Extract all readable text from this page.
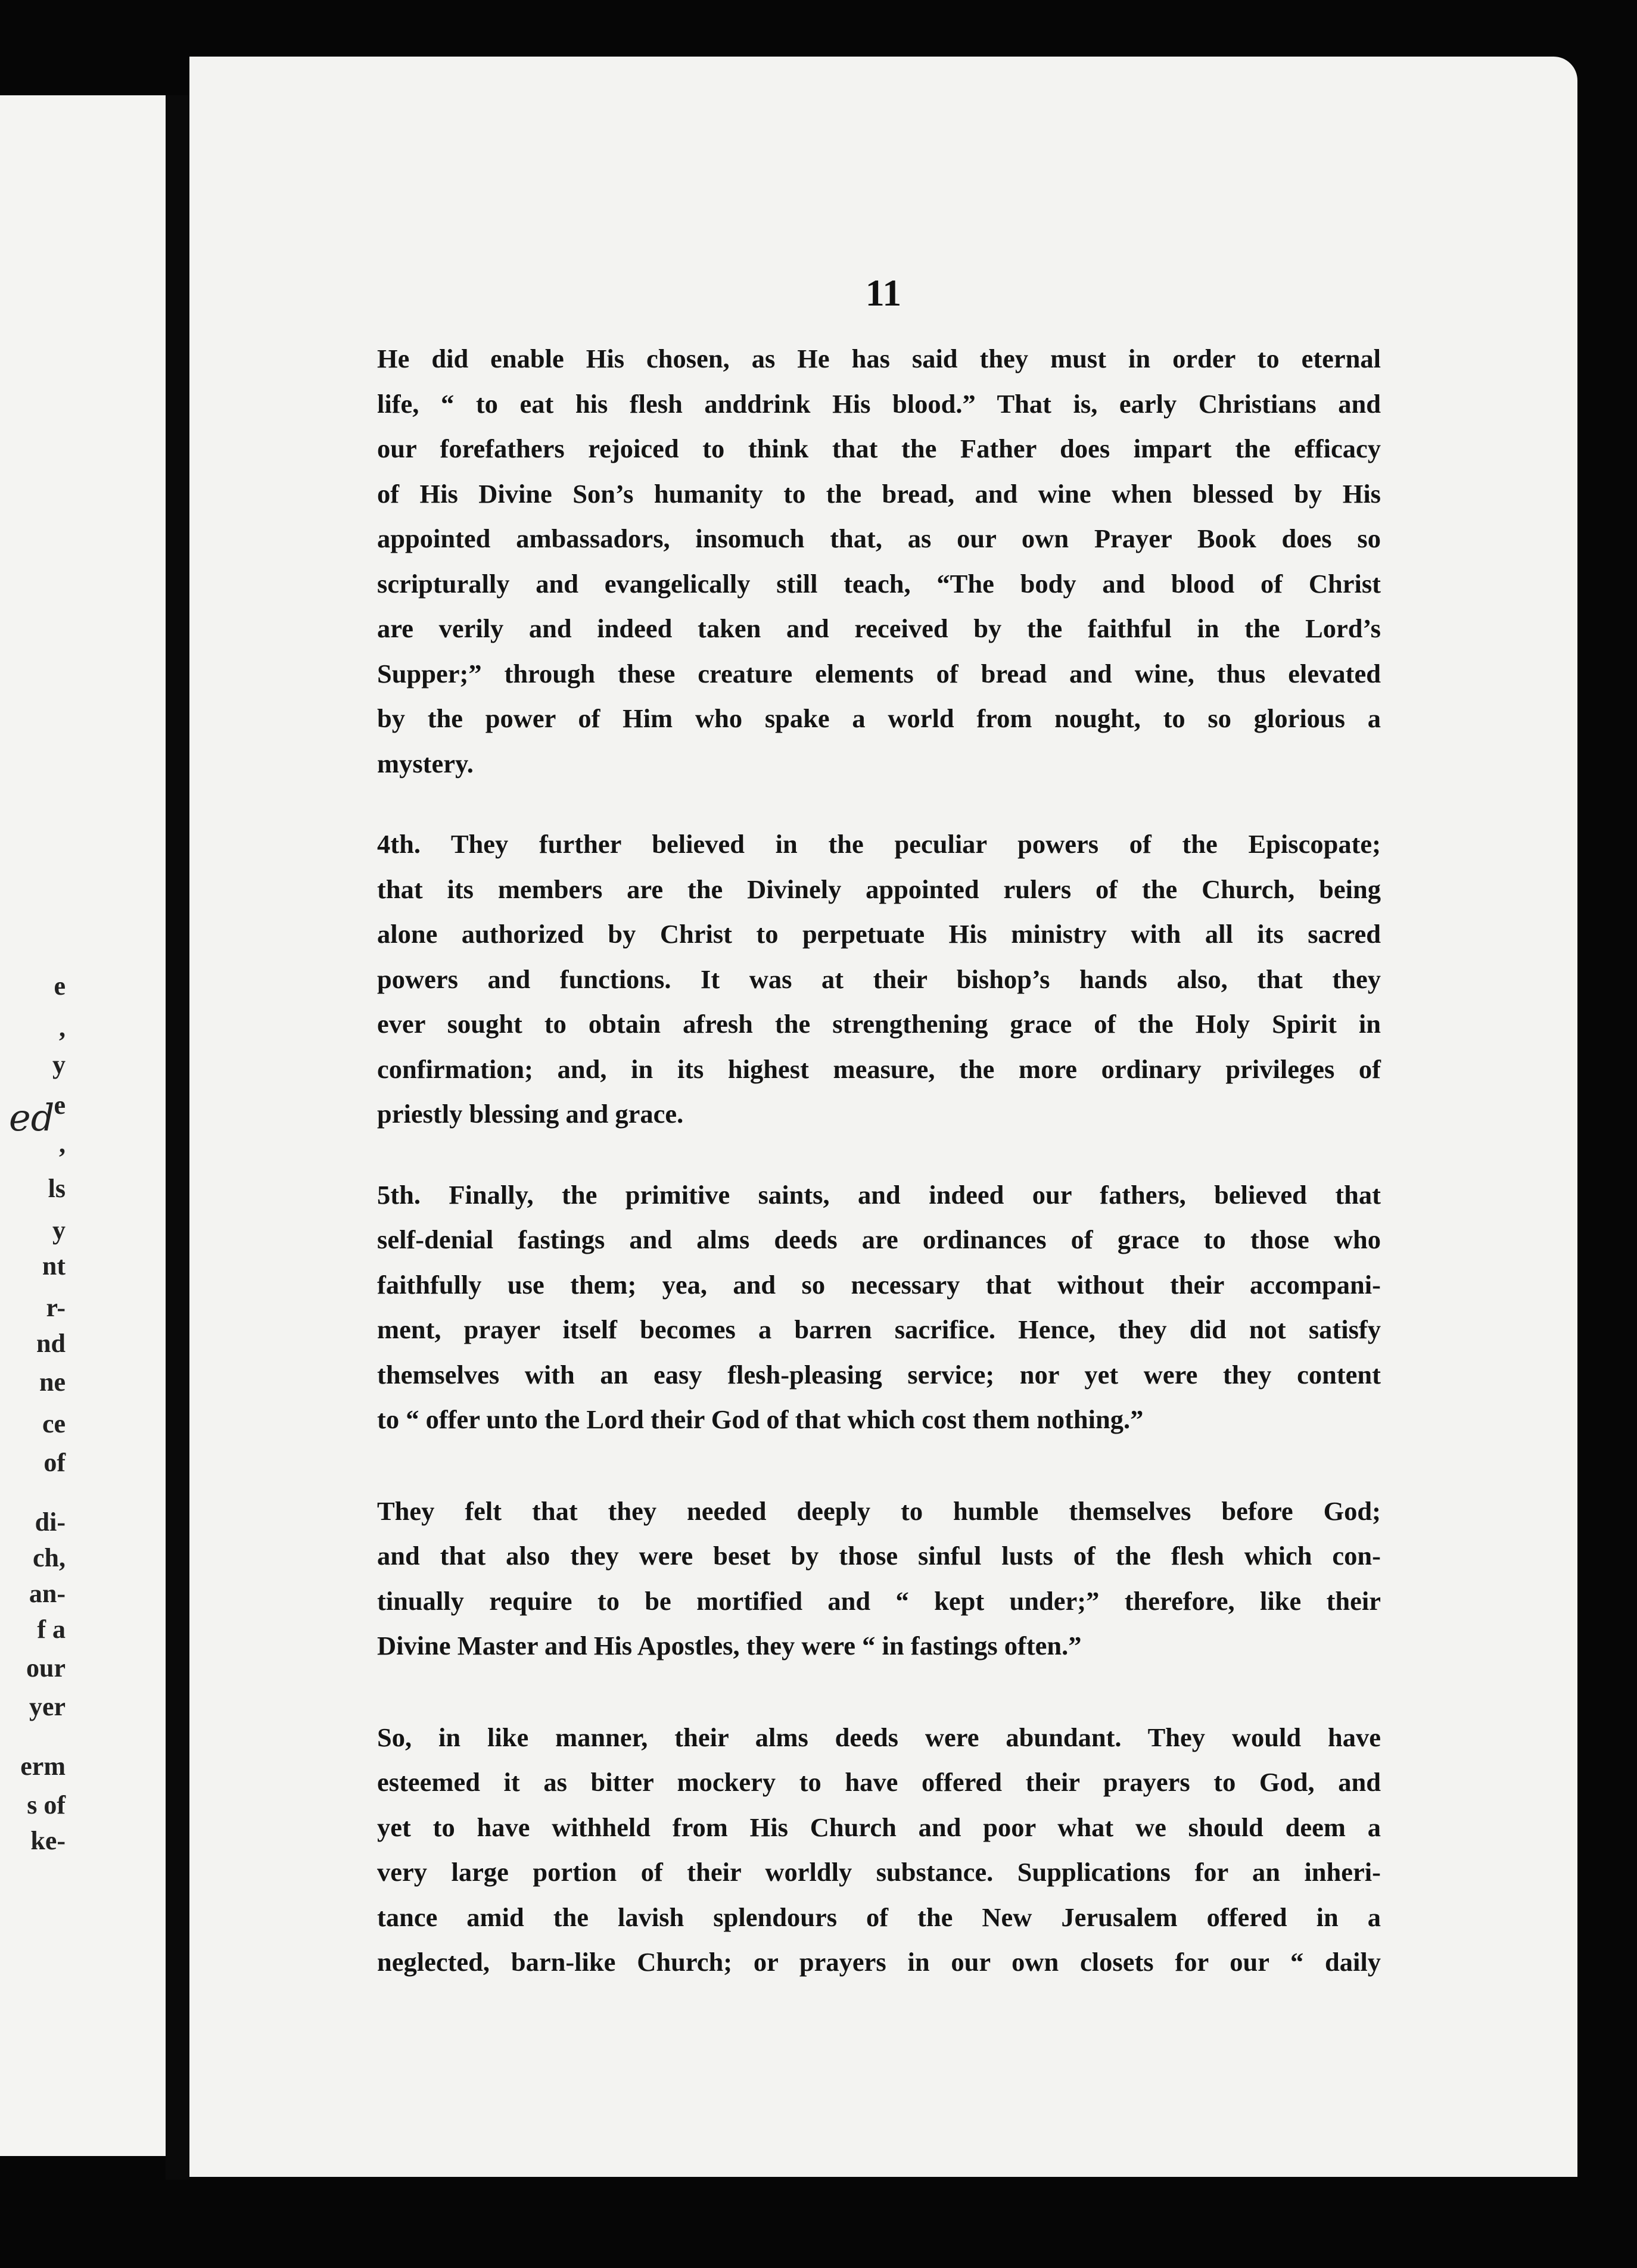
e
,
y
e
,
ls
y
nt
r-
nd
ne
ce
of
di-
ch,
an-
f a
our
yer
erm
s of
ke-
ed
11
He did enable His chosen, as He has said they must in order to eternal
life, “ to eat his flesh anddrink His blood.” That is, early Christians and
our forefathers rejoiced to think that the Father does impart the efficacy
of His Divine Son’s humanity to the bread, and wine when blessed by His
appointed ambassadors, insomuch that, as our own Prayer Book does so
scripturally and evangelically still teach, “The body and blood of Christ
are verily and indeed taken and received by the faithful in the Lord’s
Supper;” through these creature elements of bread and wine, thus elevated
by the power of Him who spake a world from nought, to so glorious a
mystery.
4th. They further believed in the peculiar powers of the Episcopate;
that its members are the Divinely appointed rulers of the Church, being
alone authorized by Christ to perpetuate His ministry with all its sacred
powers and functions. It was at their bishop’s hands also, that they
ever sought to obtain afresh the strengthening grace of the Holy Spirit in
confirmation; and, in its highest measure, the more ordinary privileges of
priestly blessing and grace.
5th. Finally, the primitive saints, and indeed our fathers, believed that
self-denial fastings and alms deeds are ordinances of grace to those who
faithfully use them; yea, and so necessary that without their accompani-
ment, prayer itself becomes a barren sacrifice. Hence, they did not satisfy
themselves with an easy flesh-pleasing service; nor yet were they content
to “ offer unto the Lord their God of that which cost them nothing.”
They felt that they needed deeply to humble themselves before God;
and that also they were beset by those sinful lusts of the flesh which con-
tinually require to be mortified and “ kept under;” therefore, like their
Divine Master and His Apostles, they were “ in fastings often.”
So, in like manner, their alms deeds were abundant. They would have
esteemed it as bitter mockery to have offered their prayers to God, and
yet to have withheld from His Church and poor what we should deem a
very large portion of their worldly substance. Supplications for an inheri-
tance amid the lavish splendours of the New Jerusalem offered in a
neglected, barn-like Church; or prayers in our own closets for our “ daily
